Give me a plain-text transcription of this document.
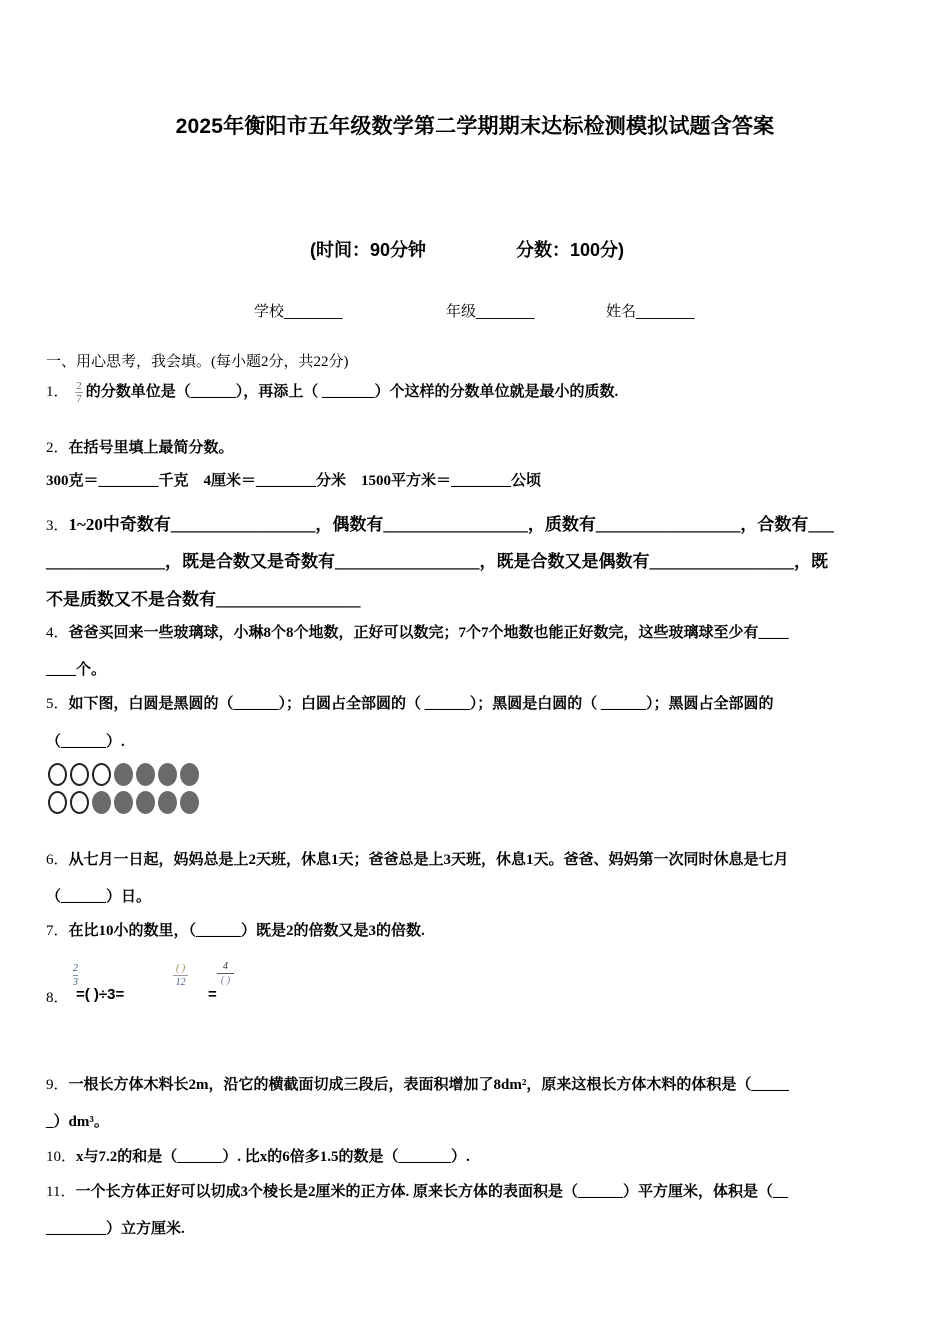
2025年衡阳市五年级数学第二学期期末达标检测模拟试题含答案
(时间：90分钟	分数：100分)
学校_______	年级_______	姓名_______
一、用心思考，我会填。(每小题2分，共22分)
1． $\frac{2}{7}$ 的分数单位是（______），再添上（ _______）个这样的分数单位就是最小的质数.
2．在括号里填上最简分数。
300克＝________千克　4厘米＝________分米　1500平方米＝________公顷
3．1~20中奇数有_________________，偶数有_________________，质数有_________________，合数有___
______________，既是合数又是奇数有_________________，既是合数又是偶数有_________________，既
不是质数又不是合数有_________________
4．爸爸买回来一些玻璃球，小琳8个8个地数，正好可以数完；7个7个地数也能正好数完，这些玻璃球至少有____
____个。
5．如下图，白圆是黑圆的（______）；白圆占全部圆的（ ______）；黑圆是白圆的（ ______）；黑圆占全部圆的
（______）.
6．从七月一日起，妈妈总是上2天班，休息1天；爸爸总是上3天班，休息1天。爸爸、妈妈第一次同时休息是七月
（______）日。
7．在比10小的数里，（______）既是2的倍数又是3的倍数.
8．
$\frac{2}{3}$
=( )÷3=
( )
12
=
4
( )
9．一根长方体木料长2m，沿它的横截面切成三段后，表面积增加了8dm²，原来这根长方体木料的体积是（_____
_）dm³。
10．x与7.2的和是（______）. 比x的6倍多1.5的数是（_______）.
11．一个长方体正好可以切成3个棱长是2厘米的正方体. 原来长方体的表面积是（______）平方厘米，体积是（__
________）立方厘米.
